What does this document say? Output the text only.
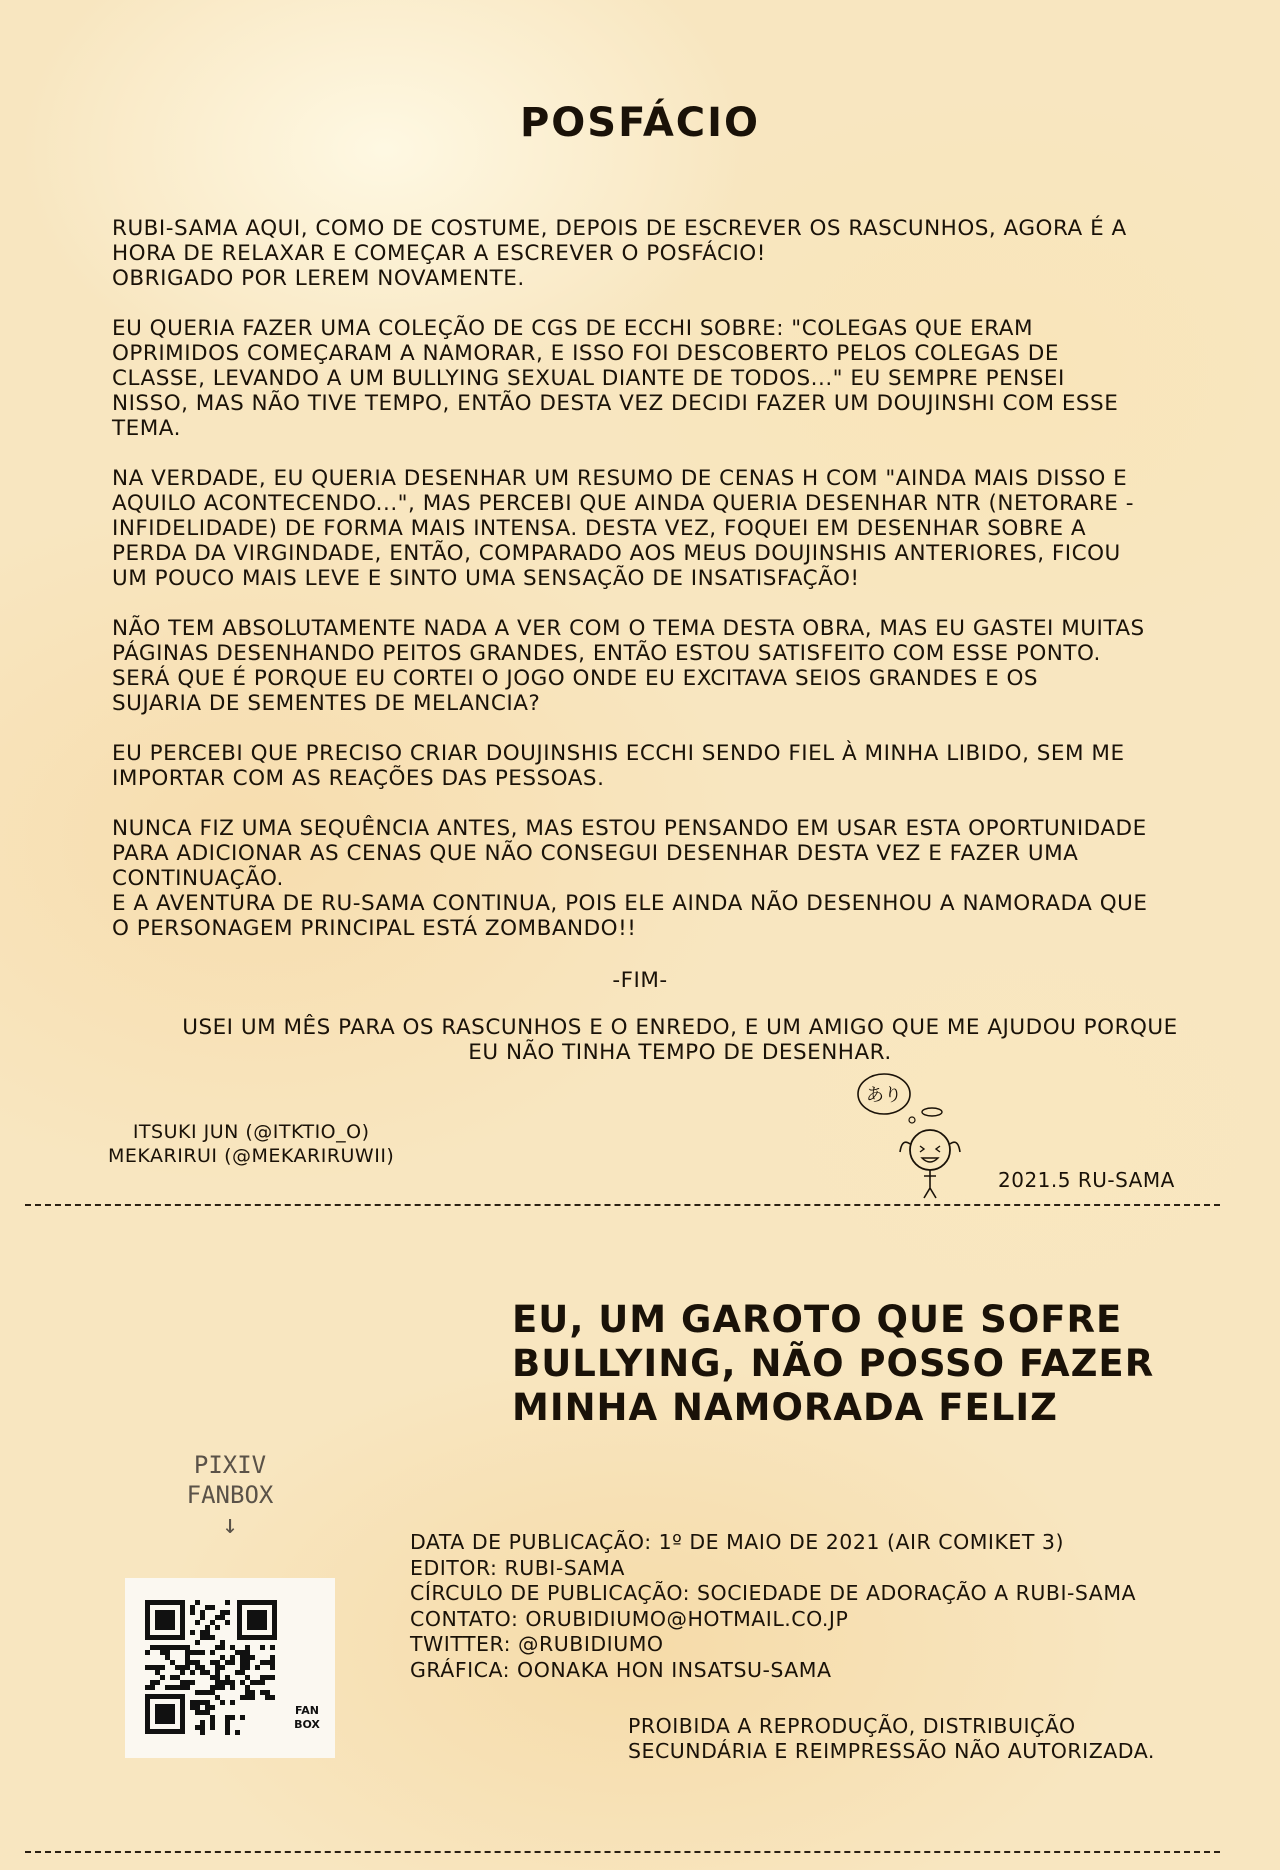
POSFÁCIO

RUBI-SAMA AQUI, COMO DE COSTUME, DEPOIS DE ESCREVER OS RASCUNHOS, AGORA É A
HORA DE RELAXAR E COMEÇAR A ESCREVER O POSFÁCIO!
OBRIGADO POR LEREM NOVAMENTE.

EU QUERIA FAZER UMA COLEÇÃO DE CGS DE ECCHI SOBRE: "COLEGAS QUE ERAM
OPRIMIDOS COMEÇARAM A NAMORAR, E ISSO FOI DESCOBERTO PELOS COLEGAS DE
CLASSE, LEVANDO A UM BULLYING SEXUAL DIANTE DE TODOS..." EU SEMPRE PENSEI
NISSO, MAS NÃO TIVE TEMPO, ENTÃO DESTA VEZ DECIDI FAZER UM DOUJINSHI COM ESSE
TEMA.

NA VERDADE, EU QUERIA DESENHAR UM RESUMO DE CENAS H COM "AINDA MAIS DISSO E
AQUILO ACONTECENDO...", MAS PERCEBI QUE AINDA QUERIA DESENHAR NTR (NETORARE -
INFIDELIDADE) DE FORMA MAIS INTENSA. DESTA VEZ, FOQUEI EM DESENHAR SOBRE A
PERDA DA VIRGINDADE, ENTÃO, COMPARADO AOS MEUS DOUJINSHIS ANTERIORES, FICOU
UM POUCO MAIS LEVE E SINTO UMA SENSAÇÃO DE INSATISFAÇÃO!

NÃO TEM ABSOLUTAMENTE NADA A VER COM O TEMA DESTA OBRA, MAS EU GASTEI MUITAS
PÁGINAS DESENHANDO PEITOS GRANDES, ENTÃO ESTOU SATISFEITO COM ESSE PONTO.
SERÁ QUE É PORQUE EU CORTEI O JOGO ONDE EU EXCITAVA SEIOS GRANDES E OS
SUJARIA DE SEMENTES DE MELANCIA?

EU PERCEBI QUE PRECISO CRIAR DOUJINSHIS ECCHI SENDO FIEL À MINHA LIBIDO, SEM ME
IMPORTAR COM AS REAÇÕES DAS PESSOAS.

NUNCA FIZ UMA SEQUÊNCIA ANTES, MAS ESTOU PENSANDO EM USAR ESTA OPORTUNIDADE
PARA ADICIONAR AS CENAS QUE NÃO CONSEGUI DESENHAR DESTA VEZ E FAZER UMA
CONTINUAÇÃO.
E A AVENTURA DE RU-SAMA CONTINUA, POIS ELE AINDA NÃO DESENHOU A NAMORADA QUE
O PERSONAGEM PRINCIPAL ESTÁ ZOMBANDO!!

-FIM-
USEI UM MÊS PARA OS RASCUNHOS E O ENREDO, E UM AMIGO QUE ME AJUDOU PORQUE
EU NÃO TINHA TEMPO DE DESENHAR.
ITSUKI JUN (@ITKTIO_O)
MEKARIRUI (@MEKARIRUWII)
あり
2021.5 RU-SAMA
EU, UM GAROTO QUE SOFRE
BULLYING, NÃO POSSO FAZER
MINHA NAMORADA FELIZ
PIXIV
FANBOX
↓
FAN
BOX
DATA DE PUBLICAÇÃO: 1º DE MAIO DE 2021 (AIR COMIKET 3)
EDITOR: RUBI-SAMA
CÍRCULO DE PUBLICAÇÃO: SOCIEDADE DE ADORAÇÃO A RUBI-SAMA
CONTATO: ORUBIDIUMO@HOTMAIL.CO.JP
TWITTER: @RUBIDIUMO
GRÁFICA: OONAKA HON INSATSU-SAMA
PROIBIDA A REPRODUÇÃO, DISTRIBUIÇÃO
SECUNDÁRIA E REIMPRESSÃO NÃO AUTORIZADA.
